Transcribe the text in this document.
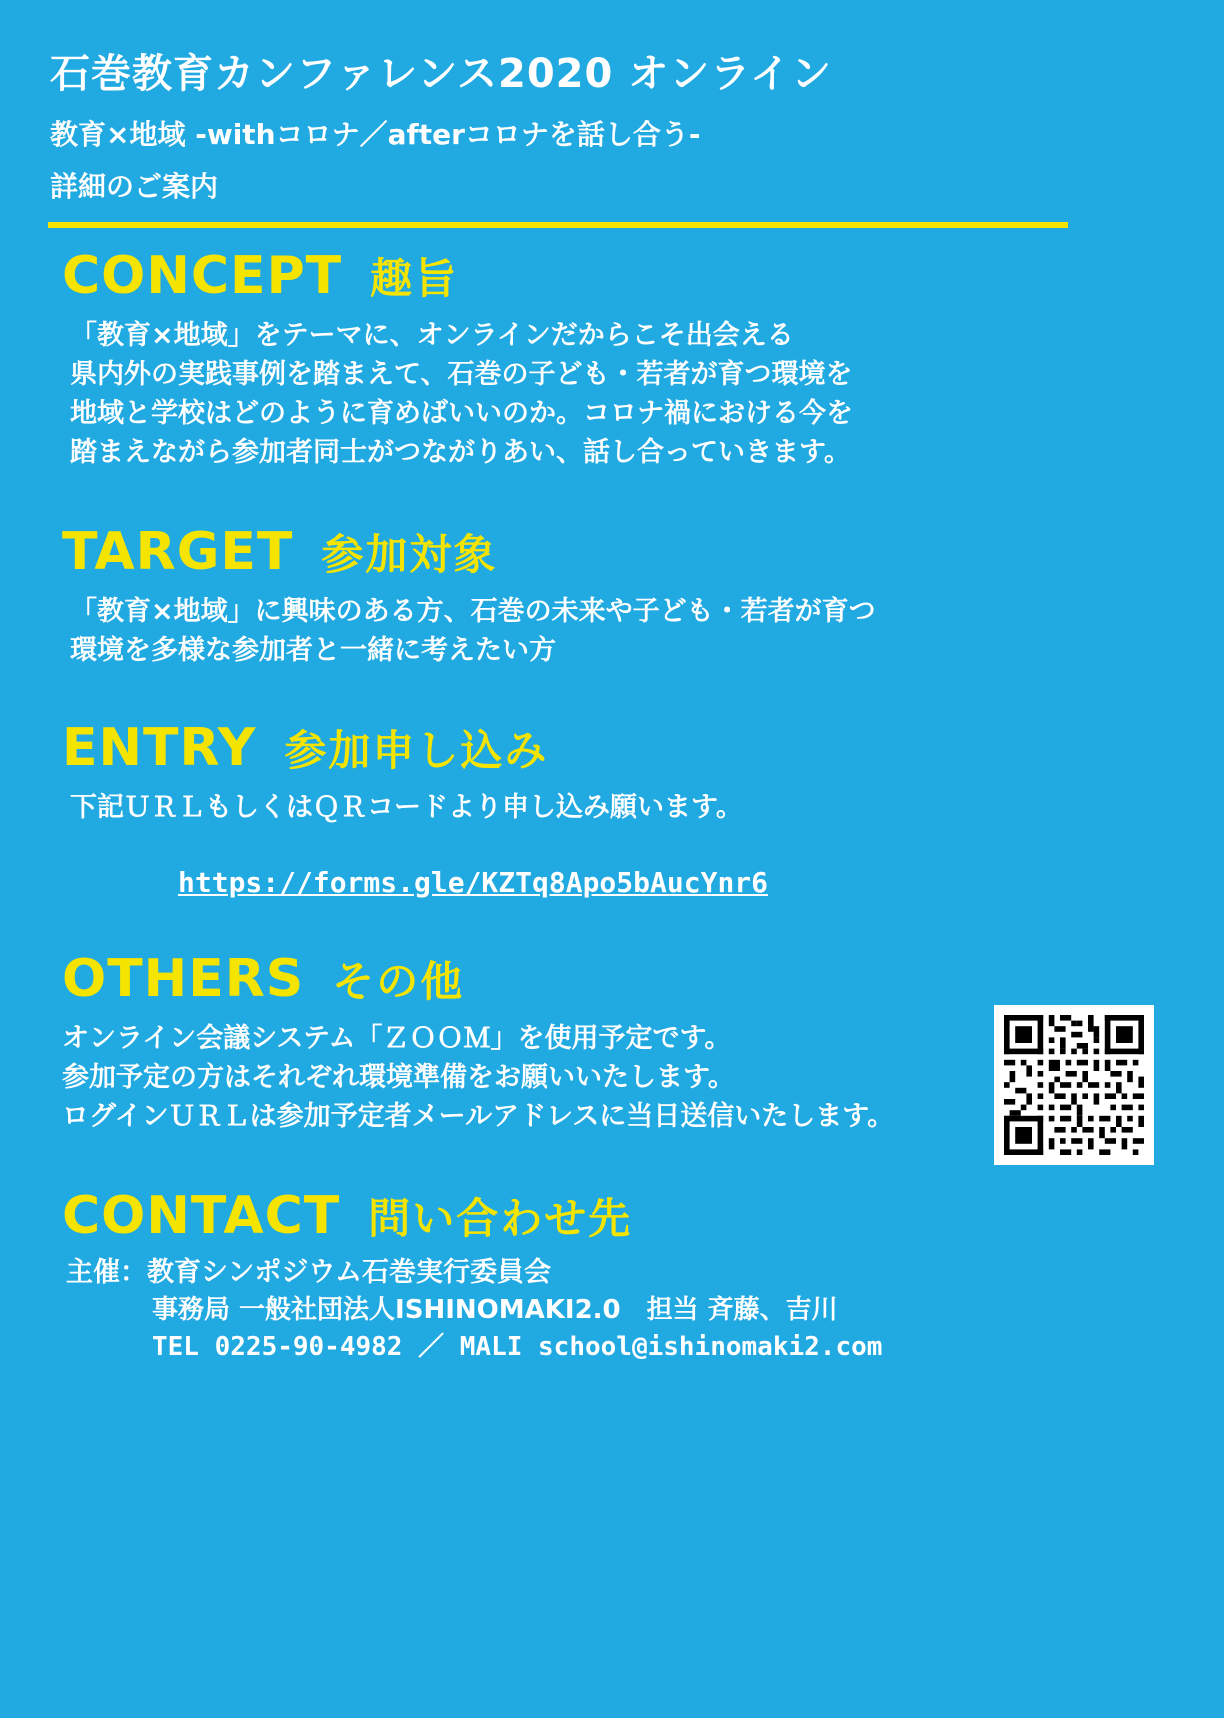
石巻教育カンファレンス2020 オンライン
教育×地域 -withコロナ／afterコロナを話し合う-
詳細のご案内
CONCEPT 趣旨
「教育×地域」をテーマに、オンラインだからこそ出会える
県内外の実践事例を踏まえて、石巻の子ども・若者が育つ環境を
地域と学校はどのように育めばいいのか。コロナ禍における今を
踏まえながら参加者同士がつながりあい、話し合っていきます。
TARGET 参加対象
「教育×地域」に興味のある方、石巻の未来や子ども・若者が育つ
環境を多様な参加者と一緒に考えたい方
ENTRY 参加申し込み
下記ＵＲＬもしくはＱＲコードより申し込み願います。
https://forms.gle/KZTq8Apo5bAucYnr6
OTHERS その他
オンライン会議システム「ＺＯＯＭ」を使用予定です。
参加予定の方はそれぞれ環境準備をお願いいたします。
ログインＵＲＬは参加予定者メールアドレスに当日送信いたします。
CONTACT 問い合わせ先
主催：教育シンポジウム石巻実行委員会
事務局 一般社団法人ISHINOMAKI2.0　担当 斉藤、吉川
TEL 0225-90-4982 ／ MALI school@ishinomaki2.com
